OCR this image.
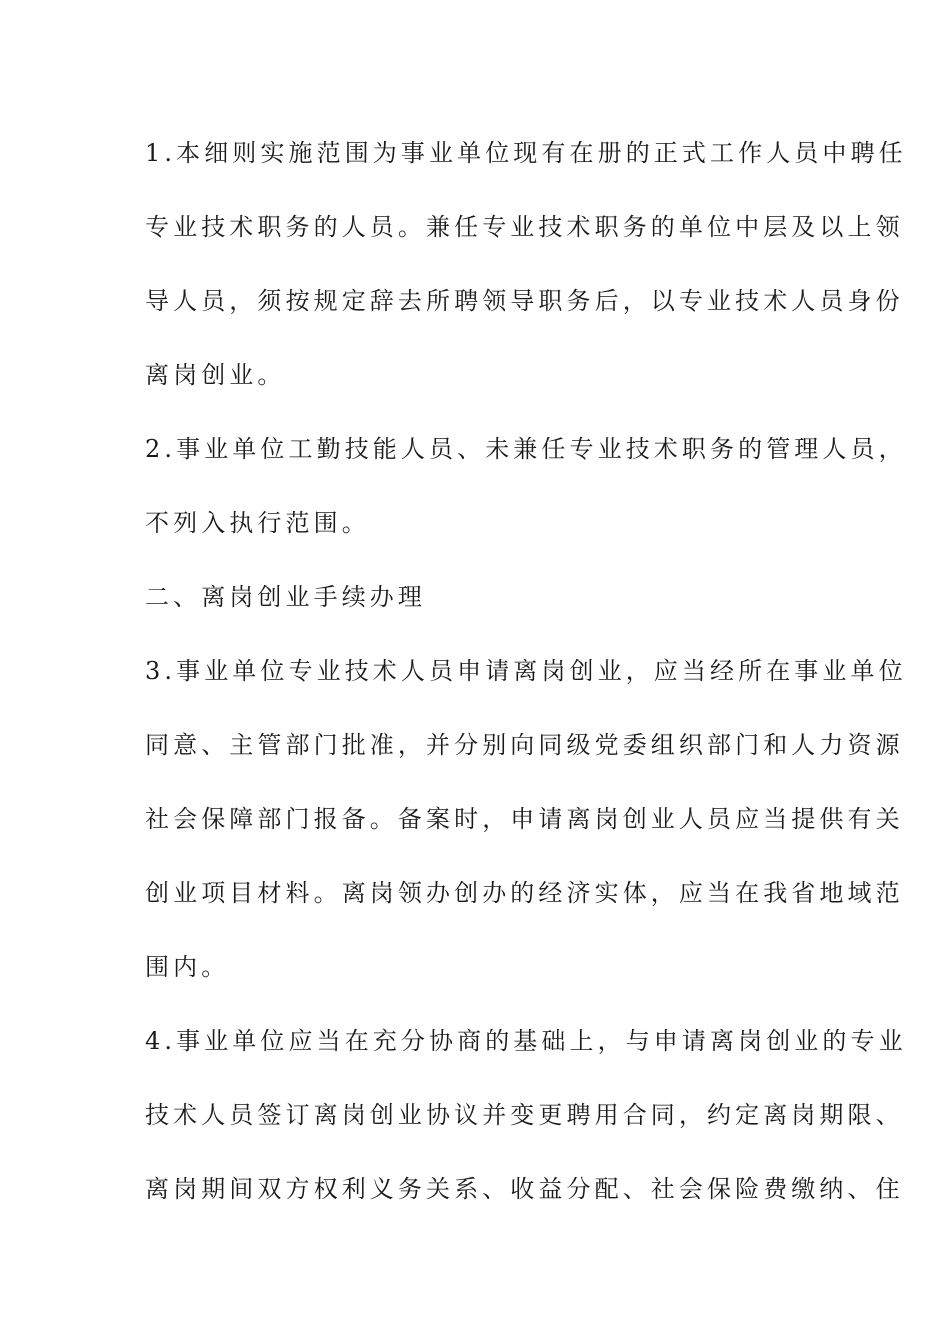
1.本细则实施范围为事业单位现有在册的正式工作人员中聘任
专业技术职务的人员。兼任专业技术职务的单位中层及以上领
导人员，须按规定辞去所聘领导职务后，以专业技术人员身份
离岗创业。
2.事业单位工勤技能人员、未兼任专业技术职务的管理人员，
不列入执行范围。
二、离岗创业手续办理
3.事业单位专业技术人员申请离岗创业，应当经所在事业单位
同意、主管部门批准，并分别向同级党委组织部门和人力资源
社会保障部门报备。备案时，申请离岗创业人员应当提供有关
创业项目材料。离岗领办创办的经济实体，应当在我省地域范
围内。
4.事业单位应当在充分协商的基础上，与申请离岗创业的专业
技术人员签订离岗创业协议并变更聘用合同，约定离岗期限、
离岗期间双方权利义务关系、收益分配、社会保险费缴纳、住
